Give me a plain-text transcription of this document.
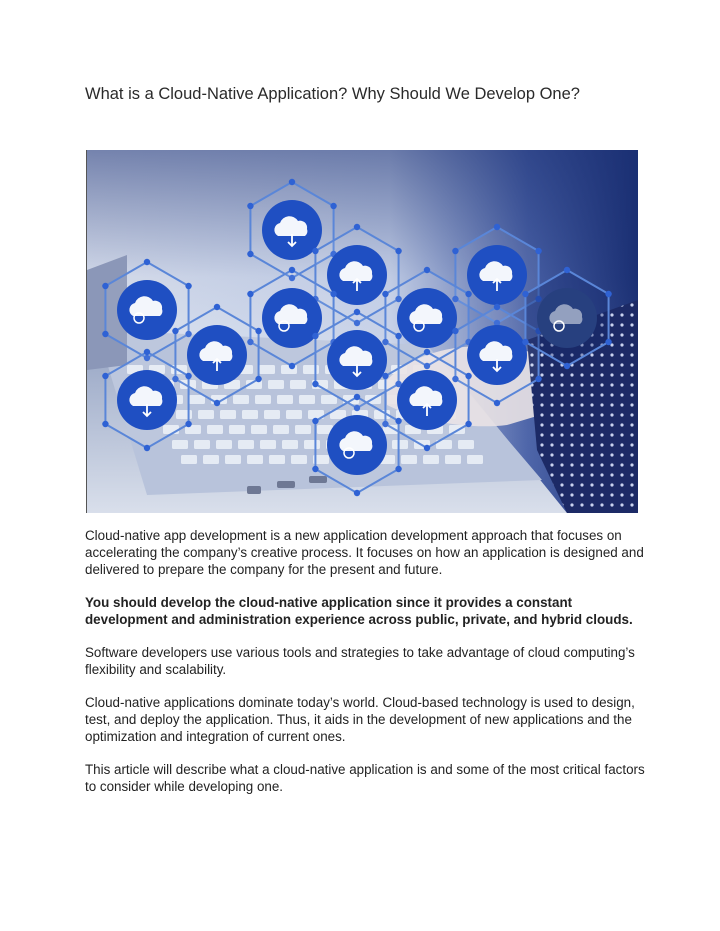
What is a Cloud-Native Application? Why Should We Develop One?

Cloud-native app development is a new application development approach that focuses on accelerating the company’s creative process. It focuses on how an application is designed and delivered to prepare the company for the present and future.

You should develop the cloud-native application since it provides a constant development and administration experience across public, private, and hybrid clouds.

Software developers use various tools and strategies to take advantage of cloud computing’s flexibility and scalability.

Cloud-native applications dominate today’s world. Cloud-based technology is used to design, test, and deploy the application. Thus, it aids in the development of new applications and the optimization and integration of current ones.

This article will describe what a cloud-native application is and some of the most critical factors to consider while developing one.
